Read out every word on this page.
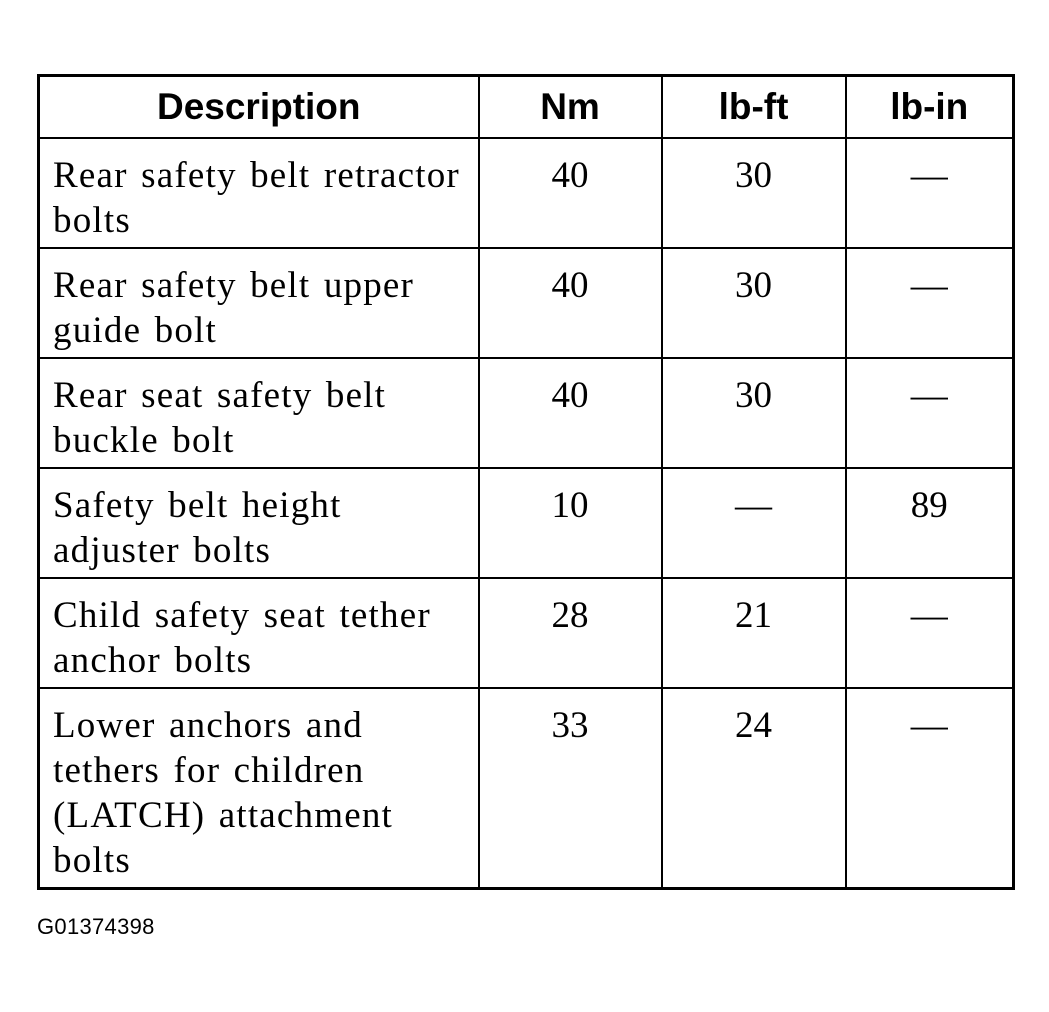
Description	Nm	lb-ft	lb-in
Rear safety belt retractor bolts	40	30	—
Rear safety belt upper guide bolt	40	30	—
Rear seat safety belt buckle bolt	40	30	—
Safety belt height adjuster bolts	10	—	89
Child safety seat tether anchor bolts	28	21	—
Lower anchors and tethers for children (LATCH) attachment bolts	33	24	—
G01374398
